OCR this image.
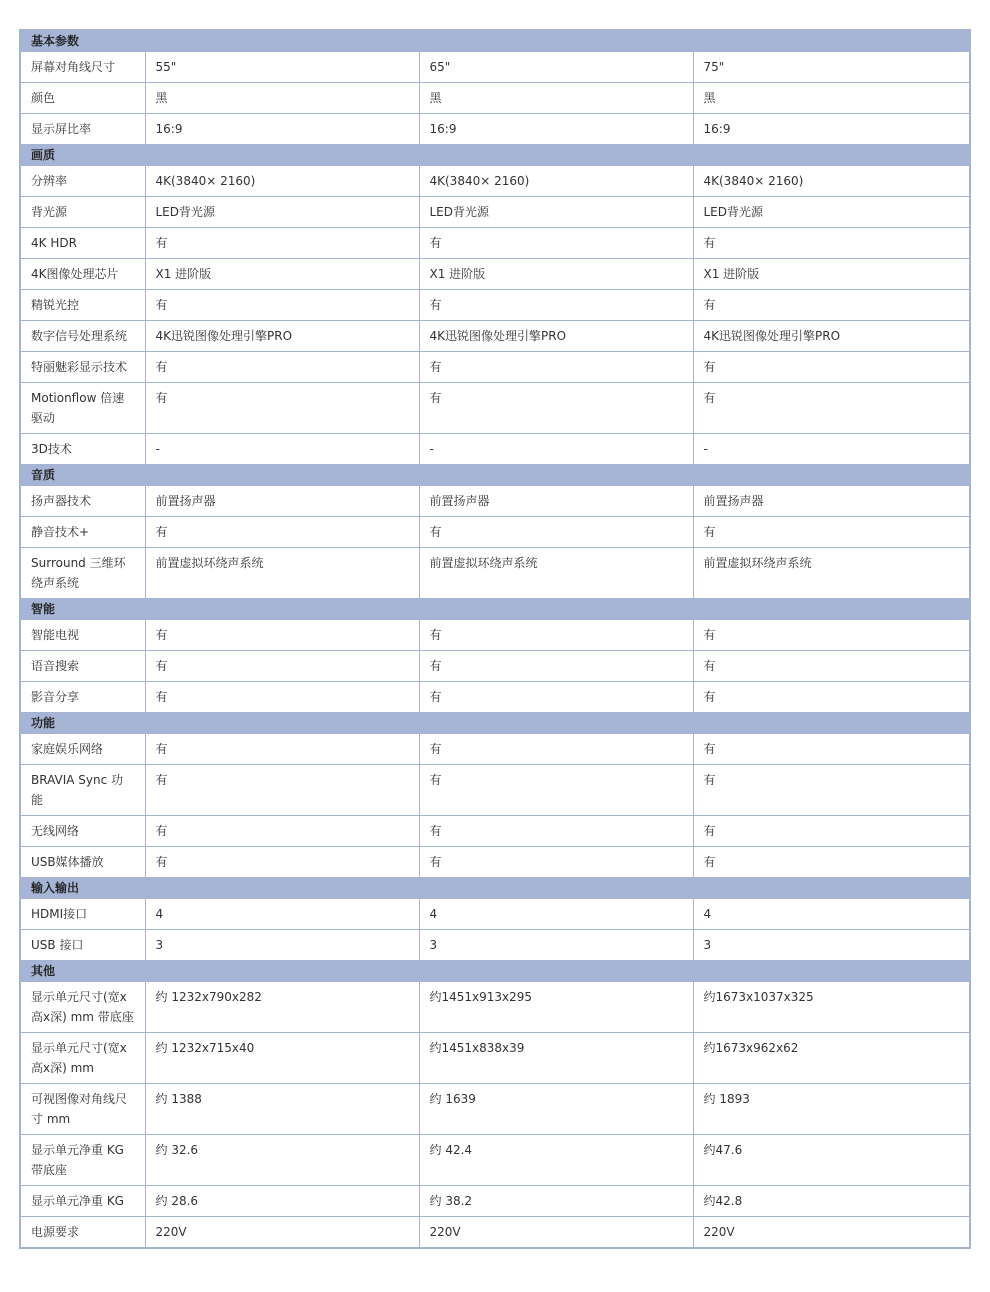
基本参数			
屏幕对角线尺寸	55"	65"	75"
颜色	黑	黑	黑
显示屏比率	16:9	16:9	16:9
画质			
分辨率	4K(3840× 2160)	4K(3840× 2160)	4K(3840× 2160)
背光源	LED背光源	LED背光源	LED背光源
4K HDR	有	有	有
4K图像处理芯片	X1 进阶版	X1 进阶版	X1 进阶版
精锐光控	有	有	有
数字信号处理系统	4K迅锐图像处理引擎PRO	4K迅锐图像处理引擎PRO	4K迅锐图像处理引擎PRO
特丽魅彩显示技术	有	有	有
Motionflow 倍速驱动	有	有	有
3D技术	-	-	-
音质			
扬声器技术	前置扬声器	前置扬声器	前置扬声器
静音技术+	有	有	有
Surround 三维环绕声系统	前置虚拟环绕声系统	前置虚拟环绕声系统	前置虚拟环绕声系统
智能			
智能电视	有	有	有
语音搜索	有	有	有
影音分享	有	有	有
功能			
家庭娱乐网络	有	有	有
BRAVIA Sync 功能	有	有	有
无线网络	有	有	有
USB媒体播放	有	有	有
输入输出			
HDMI接口	4	4	4
USB 接口	3	3	3
其他			
显示单元尺寸(宽x高x深) mm 带底座	约 1232x790x282	约1451x913x295	约1673x1037x325
显示单元尺寸(宽x高x深) mm	约 1232x715x40	约1451x838x39	约1673x962x62
可视图像对角线尺寸 mm	约 1388	约 1639	约 1893
显示单元净重 KG 带底座	约 32.6	约 42.4	约47.6
显示单元净重 KG	约 28.6	约 38.2	约42.8
电源要求	220V	220V	220V
